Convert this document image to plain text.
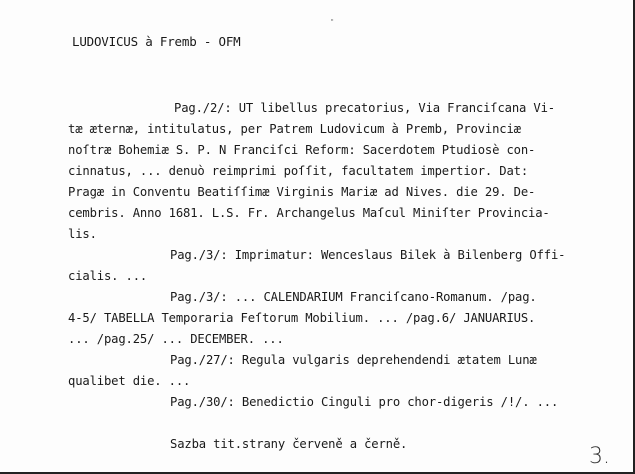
"
LUDOVICUS à Fremb - OFM
Pag./2/: UT libellus precatorius, Via Franciſcana Vi-
tæ æternæ, intitulatus, per Patrem Ludovicum à Premb, Provinciæ
noſtræ Bohemiæ S. P. N Franciſci Reform: Sacerdotem Ptudiosè con-
cinnatus, ... denuò reimprimi poſſit, facultatem impertior. Dat:
Pragæ in Conventu Beatiſſimæ Virginis Mariæ ad Nives. die 29. De-
cembris. Anno 1681. L.S. Fr. Archangelus Maſcul Miniſter Provincia-
lis.
Pag./3/: Imprimatur: Wenceslaus Bilek à Bilenberg Offi-
cialis. ...
Pag./3/: ... CALENDARIUM Franciſcano-Romanum. /pag.
4-5/ TABELLA Temporaria Feſtorum Mobilium. ... /pag.6/ JANUARIUS.
... /pag.25/ ... DECEMBER. ...
Pag./27/: Regula vulgaris deprehendendi ætatem Lunæ
qualibet die. ...
Pag./30/: Benedictio Cinguli pro chor-digeris /!/. ...
Sazba tit.strany červeně a černě.	3.
